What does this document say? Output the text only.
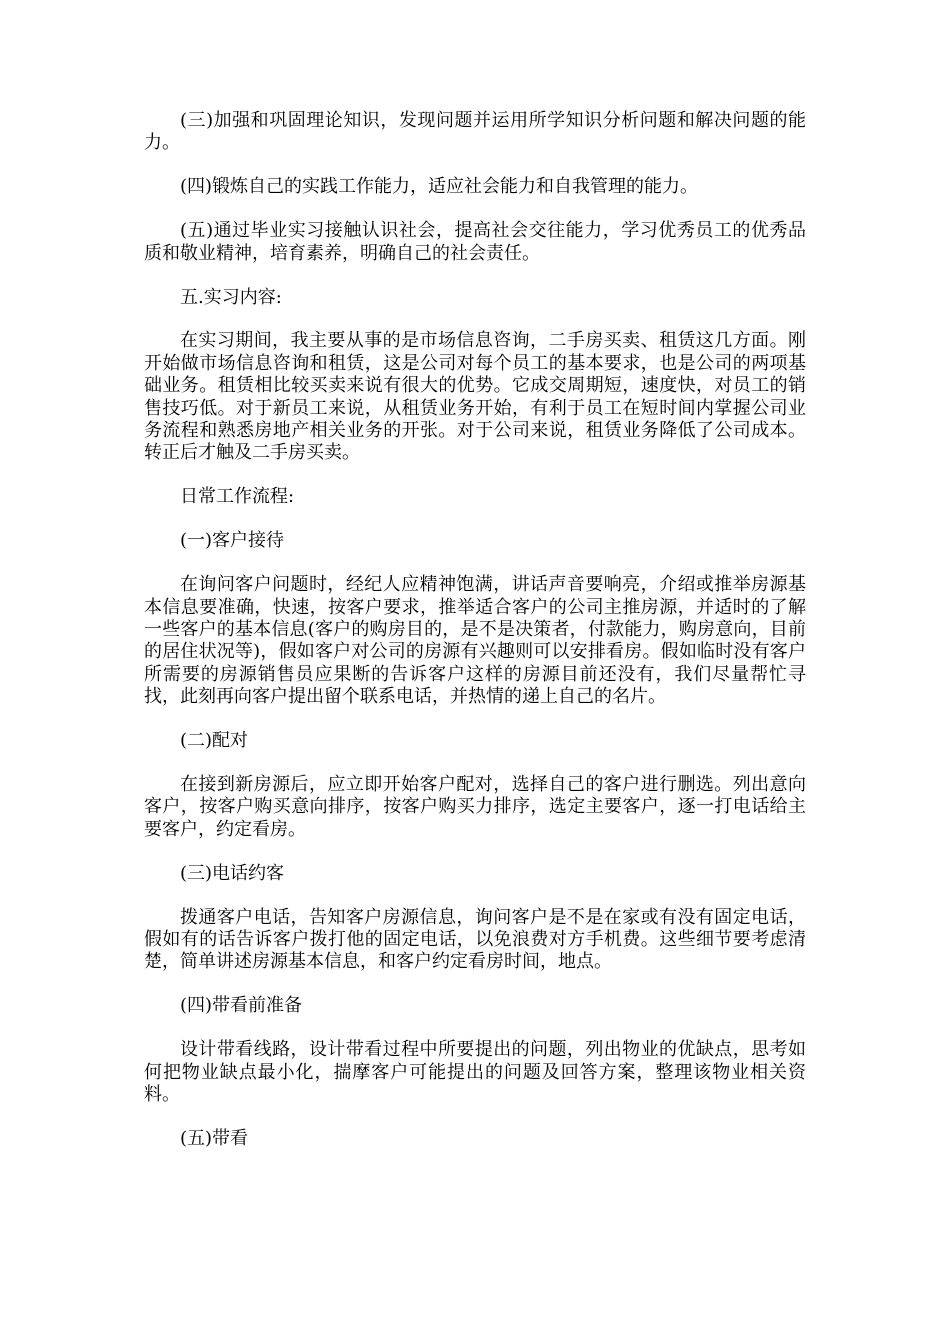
(三)加强和巩固理论知识，发现问题并运用所学知识分析问题和解决问题的能力。

(四)锻炼自己的实践工作能力，适应社会能力和自我管理的能力。

(五)通过毕业实习接触认识社会，提高社会交往能力，学习优秀员工的优秀品质和敬业精神，培育素养，明确自己的社会责任。

五.实习内容:

在实习期间，我主要从事的是市场信息咨询，二手房买卖、租赁这几方面。刚开始做市场信息咨询和租赁，这是公司对每个员工的基本要求，也是公司的两项基础业务。租赁相比较买卖来说有很大的优势。它成交周期短，速度快，对员工的销售技巧低。对于新员工来说，从租赁业务开始，有利于员工在短时间内掌握公司业务流程和熟悉房地产相关业务的开张。对于公司来说，租赁业务降低了公司成本。转正后才触及二手房买卖。

日常工作流程:

(一)客户接待

在询问客户问题时，经纪人应精神饱满，讲话声音要响亮，介绍或推举房源基本信息要准确，快速，按客户要求，推举适合客户的公司主推房源，并适时的了解一些客户的基本信息(客户的购房目的，是不是决策者，付款能力，购房意向，目前的居住状况等)，假如客户对公司的房源有兴趣则可以安排看房。假如临时没有客户所需要的房源销售员应果断的告诉客户这样的房源目前还没有，我们尽量帮忙寻找，此刻再向客户提出留个联系电话，并热情的递上自己的名片。

(二)配对

在接到新房源后，应立即开始客户配对，选择自己的客户进行删选。列出意向客户，按客户购买意向排序，按客户购买力排序，选定主要客户，逐一打电话给主要客户，约定看房。

(三)电话约客

拨通客户电话，告知客户房源信息，询问客户是不是在家或有没有固定电话，假如有的话告诉客户拨打他的固定电话，以免浪费对方手机费。这些细节要考虑清楚，简单讲述房源基本信息，和客户约定看房时间，地点。

(四)带看前准备

设计带看线路，设计带看过程中所要提出的问题，列出物业的优缺点，思考如何把物业缺点最小化，揣摩客户可能提出的问题及回答方案，整理该物业相关资料。

(五)带看
